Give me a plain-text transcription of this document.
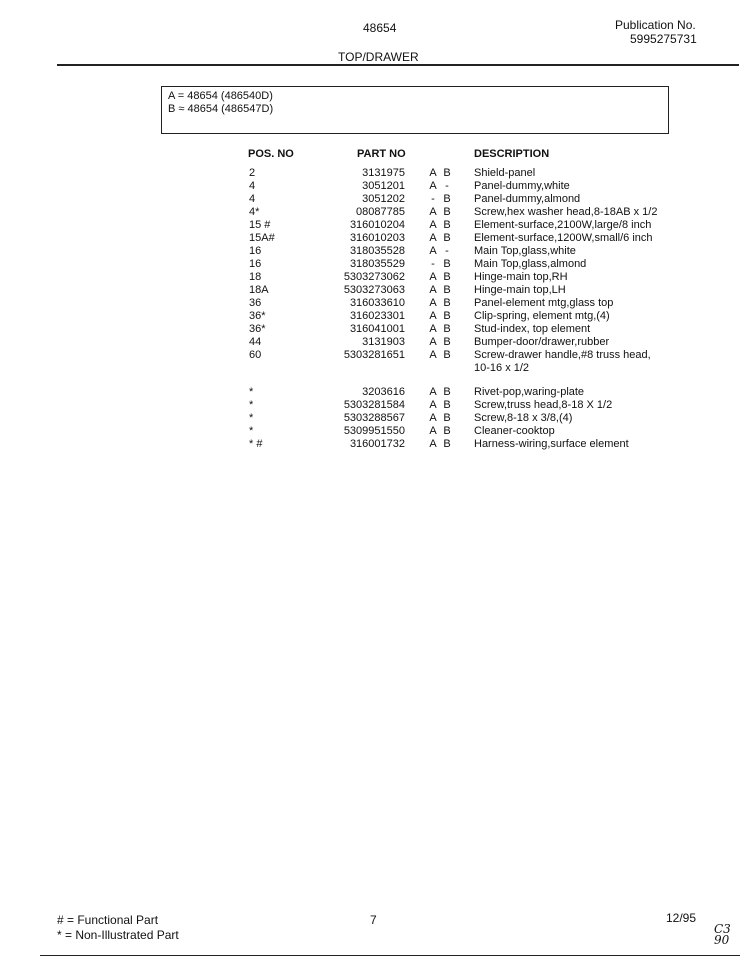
48654	Publication No.
5995275731
TOP/DRAWER
A = 48654 (486540D)
B ≈ 48654 (486547D)
POS. NO	PART NO	DESCRIPTION
2	3131975 A B Shield-panel
4	3051201 A - Panel-dummy,white
4	3051202 - B Panel-dummy,almond
4*	08087785 A B Screw,hex washer head,8-18AB x 1/2
15 #	316010204 A B Element-surface,2100W,large/8 inch
15A#	316010203 A B Element-surface,1200W,small/6 inch
16	318035528 A - Main Top,glass,white
16	318035529 - B Main Top,glass,almond
18	5303273062 A B Hinge-main top,RH
18A	5303273063 A B Hinge-main top,LH
36	316033610 A B Panel-element mtg,glass top
36*	316023301 A B Clip-spring, element mtg,(4)
36*	316041001 A B Stud-index, top element
44	3131903 A B Bumper-door/drawer,rubber
60	5303281651 A B Screw-drawer handle,#8 truss head,
10-16 x 1/2
*	3203616 A B Rivet-pop,waring-plate
*	5303281584 A B Screw,truss head,8-18 X 1/2
*	5303288567 A B Screw,8-18 x 3/8,(4)
*	5309951550 A B Cleaner-cooktop
* #	316001732 A B Harness-wiring,surface element
# = Functional Part
* = Non-Illustrated Part
7	12/95
C3
90
